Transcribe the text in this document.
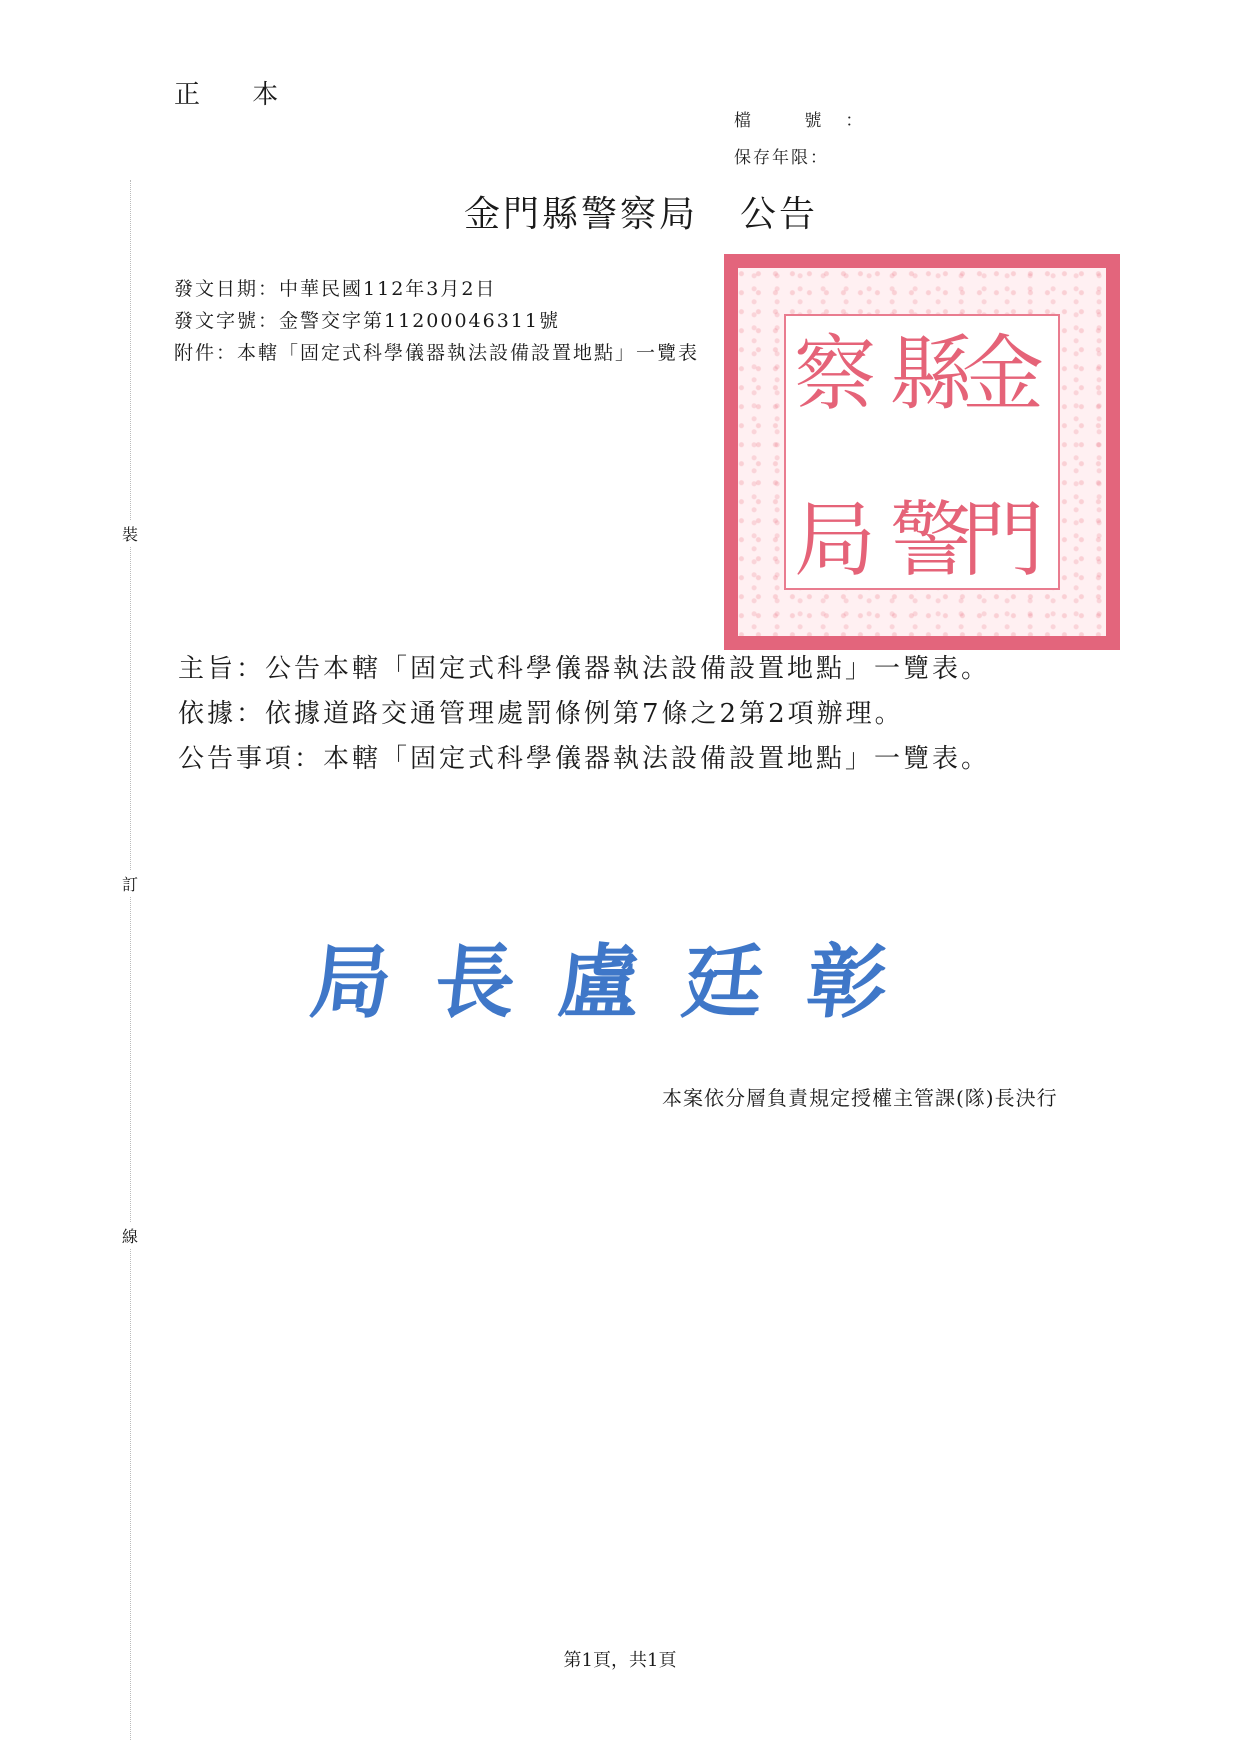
裝
訂
線
正 本
檔 號：
保存年限：
金門縣警察局 公告
發文日期：中華民國112年3月2日
發文字號：金警交字第11200046311號
附件：本轄「固定式科學儀器執法設備設置地點」一覽表	金
門
縣
警
察
局
主旨：公告本轄「固定式科學儀器執法設備設置地點」一覽表。
依據：依據道路交通管理處罰條例第7條之2第2項辦理。
公告事項：本轄「固定式科學儀器執法設備設置地點」一覽表。
局長盧廷彰
本案依分層負責規定授權主管課(隊)長決行
第1頁，共1頁
